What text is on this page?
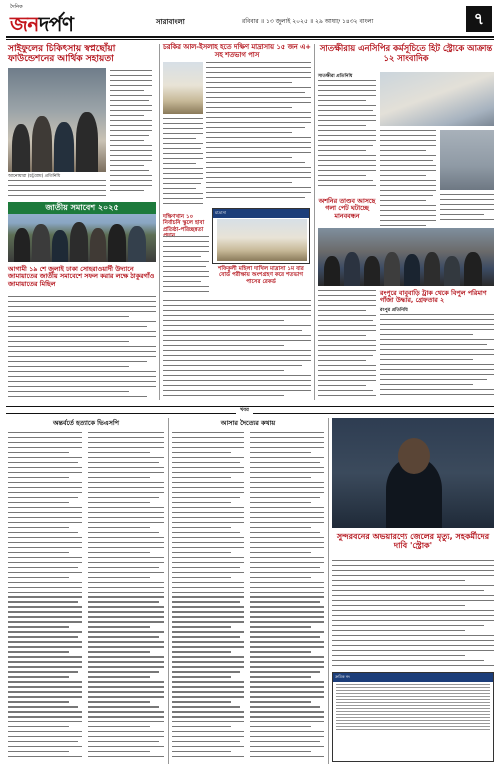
দৈনিক
জনদর্পণ	সারাবাংলা	রবিবার ॥ ১৩ জুলাই ২০২৫ ॥ ২৯ আষাঢ় ১৪৩২ বাংলা	৭
সাইফুলের চিকিৎসায় স্বপ্নছোঁয়া ফাউন্ডেশনের আর্থিক সহায়তা
আনোয়ারা (চট্টগ্রাম) প্রতিনিধি
জাতীয় সমাবেশ ২০২৫
আগামী ১৯ শে জুলাই ঢাকা সোহরাওয়ার্দী উদ্যানে জামায়াতের জাতীয় সমাবেশে সফল করার লক্ষে ঠাকুরগাঁও জামায়াতের মিছিল
চরকির আল-ইসলাহ হতে দক্ষিণ মাদ্রাসায় ১৫ জন এ+ সহ শতভাগ পাস
দক্ষিণখান ১০ নির্বাচনি স্কুলে হাবা প্রতিষ্ঠা-পরিচ্ছন্নতা
মাদ্রাসা
শফিকুলী মহিলা দাখিল মাদ্রাসা ১ম বার বোর্ড পরীক্ষায় অংশগ্রহণ করে শতভাগ পাসের রেকর্ড
সাতক্ষীরায় এনসিপির কর্মসূচিতে হিট স্ট্রোকে আক্রান্ত ১২ সাংবাদিক
সাতক্ষীরা প্রতিনিধি
অশনির তাণ্ডব আসছে গলা পেট ঘটাচ্ছে মানববন্ধন
রংপুরে বাবুবাড়ি ট্রাক থেকে বিপুল পরিমাণ গাঁজা উদ্ধার, গ্রেফতার ২
রংপুর প্রতিনিধি
খবর
অন্তর্বর্তে হত্যাকে ভিএসপি	আসার দৈত্যের কথায়
সুন্দরবনের অভয়ারণ্যে জেলের মৃত্যু, সহকর্মীদের দাবি 'স্ট্রোক'
ক্রমিক নং
